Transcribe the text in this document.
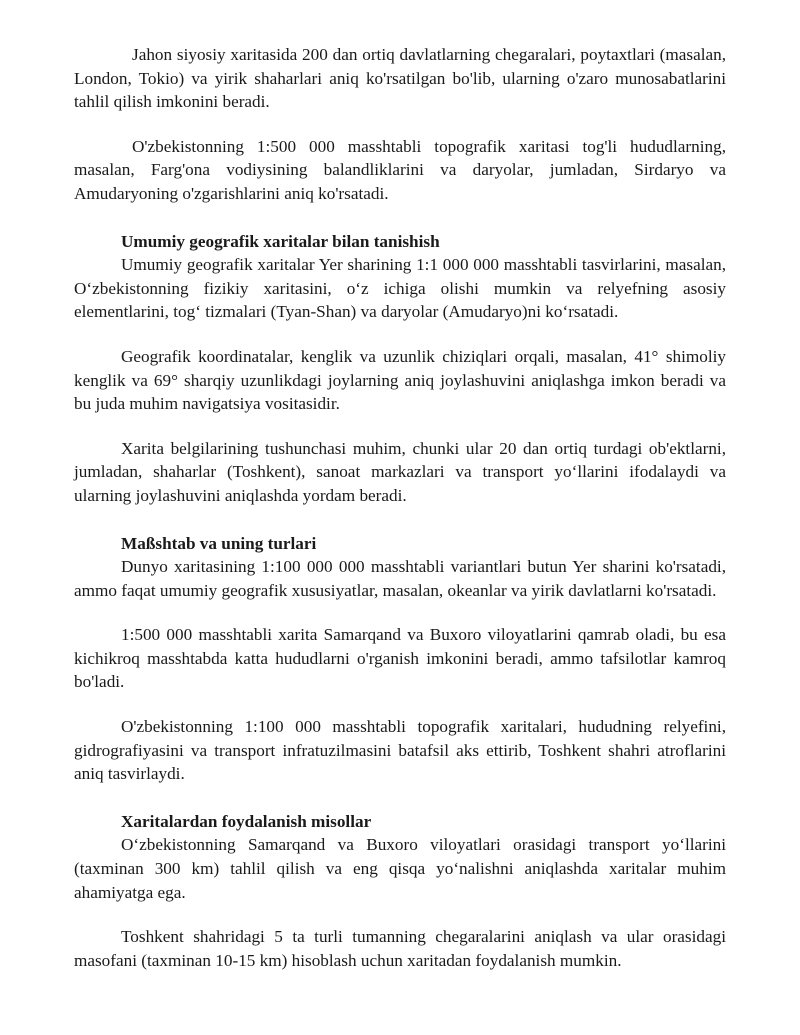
Jahon siyosiy xaritasida 200 dan ortiq davlatlarning chegaralari, poytaxtlari (masalan, London, Tokio) va yirik shaharlari aniq ko'rsatilgan bo'lib, ularning o'zaro munosabatlarini tahlil qilish imkonini beradi.

O'zbekistonning 1:500 000 masshtabli topografik xaritasi tog'li hududlarning, masalan, Farg'ona vodiysining balandliklarini va daryolar, jumladan, Sirdaryo va Amudaryoning o'zgarishlarini aniq ko'rsatadi.

Umumiy geografik xaritalar bilan tanishish

Umumiy geografik xaritalar Yer sharining 1:1 000 000 masshtabli tasvirlarini, masalan, O‘zbekistonning fizikiy xaritasini, o‘z ichiga olishi mumkin va relyefning asosiy elementlarini, tog‘ tizmalari (Tyan-Shan) va daryolar (Amudaryo)ni ko‘rsatadi.

Geografik koordinatalar, kenglik va uzunlik chiziqlari orqali, masalan, 41° shimoliy kenglik va 69° sharqiy uzunlikdagi joylarning aniq joylashuvini aniqlashga imkon beradi va bu juda muhim navigatsiya vositasidir.

Xarita belgilarining tushunchasi muhim, chunki ular 20 dan ortiq turdagi ob'ektlarni, jumladan, shaharlar (Toshkent), sanoat markazlari va transport yo‘llarini ifodalaydi va ularning joylashuvini aniqlashda yordam beradi.

Maßshtab va uning turlari

Dunyo xaritasining 1:100 000 000 masshtabli variantlari butun Yer sharini ko'rsatadi, ammo faqat umumiy geografik xususiyatlar, masalan, okeanlar va yirik davlatlarni ko'rsatadi.

1:500 000 masshtabli xarita Samarqand va Buxoro viloyatlarini qamrab oladi, bu esa kichikroq masshtabda katta hududlarni o'rganish imkonini beradi, ammo tafsilotlar kamroq bo'ladi.

O'zbekistonning 1:100 000 masshtabli topografik xaritalari, hududning relyefini, gidrografiyasini va transport infratuzilmasini batafsil aks ettirib, Toshkent shahri atroflarini aniq tasvirlaydi.

Xaritalardan foydalanish misollar

O‘zbekistonning Samarqand va Buxoro viloyatlari orasidagi transport yo‘llarini (taxminan 300 km) tahlil qilish va eng qisqa yo‘nalishni aniqlashda xaritalar muhim ahamiyatga ega.

Toshkent shahridagi 5 ta turli tumanning chegaralarini aniqlash va ular orasidagi masofani (taxminan 10-15 km) hisoblash uchun xaritadan foydalanish mumkin.
